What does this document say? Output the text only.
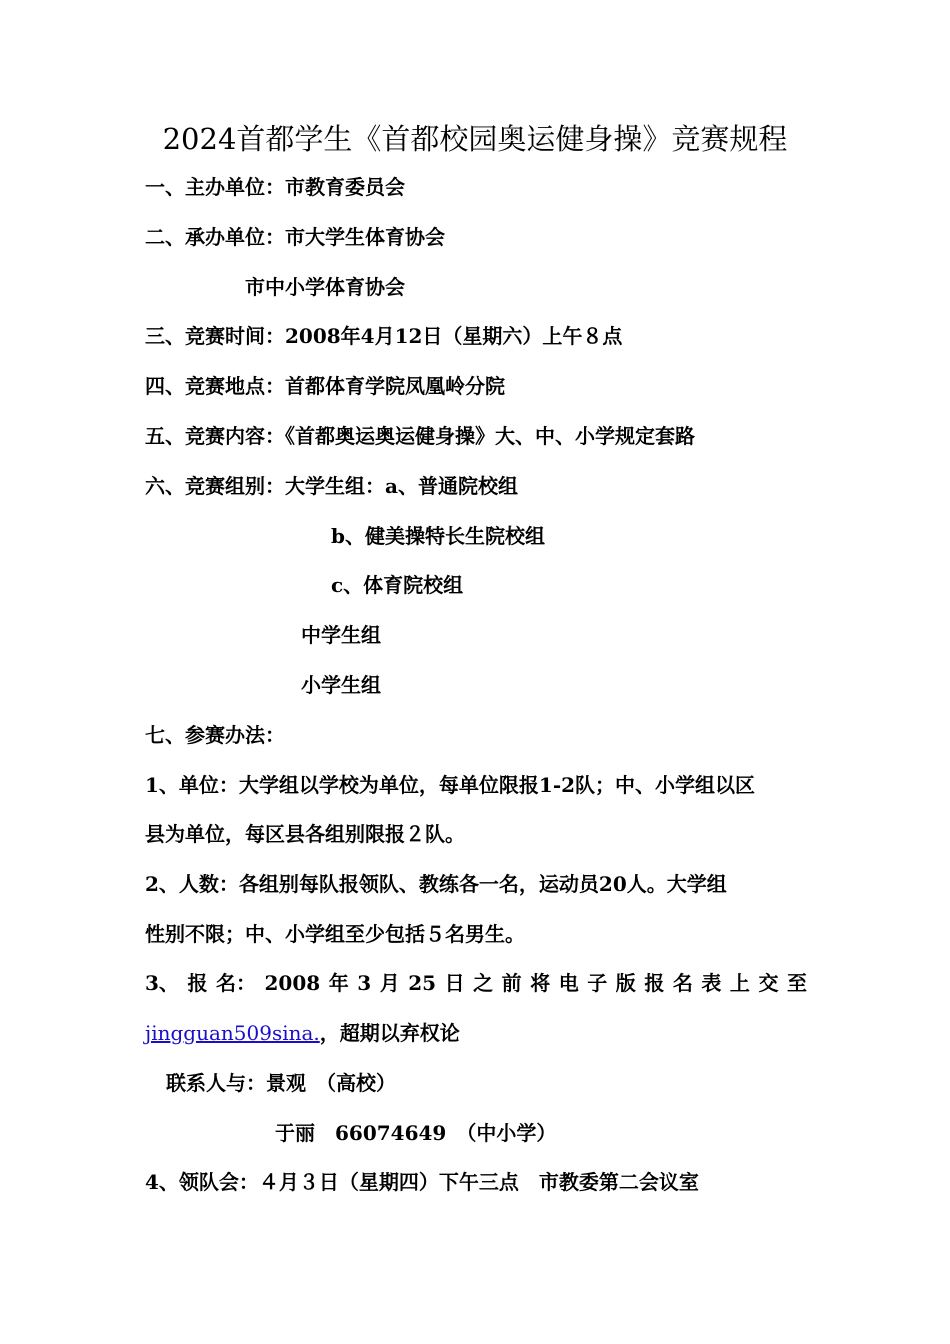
2024首都学生《首都校园奥运健身操》竞赛规程
一、主办单位：市教育委员会
二、承办单位：市大学生体育协会
市中小学体育协会
三、竞赛时间：2008年4月12日（星期六）上午８点
四、竞赛地点：首都体育学院凤凰岭分院
五、竞赛内容：《首都奥运奥运健身操》大、中、小学规定套路
六、竞赛组别：大学生组：a、普通院校组
b、健美操特长生院校组
c、体育院校组
中学生组
小学生组
七、参赛办法：
1、单位：大学组以学校为单位，每单位限报1-2队；中、小学组以区
县为单位，每区县各组别限报２队。
2、人数：各组别每队报领队、教练各一名，运动员20人。大学组
性别不限；中、小学组至少包括５名男生。
3、 报 名： 2008 年 3 月 25 日 之 前 将 电 子 版 报 名 表 上 交 至
jingguan509sina.，超期以弃权论
联系人与：景观　（高校）
于丽　66074649　（中小学）
4、领队会：４月３日（星期四）下午三点　市教委第二会议室
